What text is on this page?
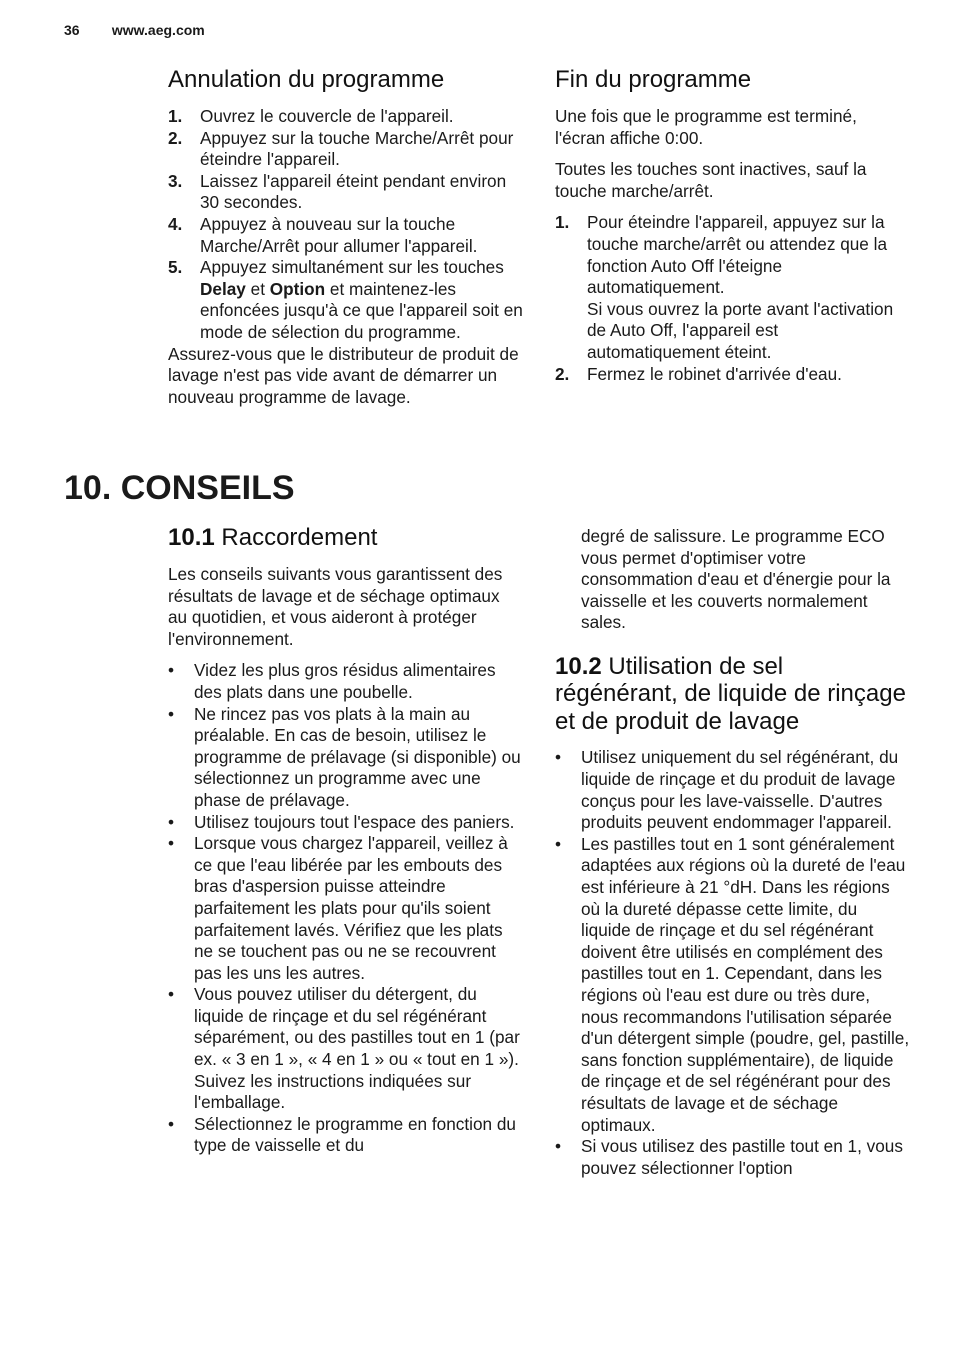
36 www.aeg.com
Annulation du programme
1. Ouvrez le couvercle de l'appareil.
2. Appuyez sur la touche Marche/Arrêt pour éteindre l'appareil.
3. Laissez l'appareil éteint pendant environ 30 secondes.
4. Appuyez à nouveau sur la touche Marche/Arrêt pour allumer l'appareil.
5. Appuyez simultanément sur les touches Delay et Option et maintenez-les enfoncées jusqu'à ce que l'appareil soit en mode de sélection du programme.

Assurez-vous que le distributeur de produit de lavage n'est pas vide avant de démarrer un nouveau programme de lavage.

Fin du programme

Une fois que le programme est terminé, l'écran affiche 0:00.

Toutes les touches sont inactives, sauf la touche marche/arrêt.

1. Pour éteindre l'appareil, appuyez sur la touche marche/arrêt ou attendez que la fonction Auto Off l'éteigne automatiquement.
Si vous ouvrez la porte avant l'activation de Auto Off, l'appareil est automatiquement éteint.
2. Fermez le robinet d'arrivée d'eau.
10. CONSEILS
10.1 Raccordement

Les conseils suivants vous garantissent des résultats de lavage et de séchage optimaux au quotidien, et vous aideront à protéger l'environnement.

• Videz les plus gros résidus alimentaires des plats dans une poubelle.
• Ne rincez pas vos plats à la main au préalable. En cas de besoin, utilisez le programme de prélavage (si disponible) ou sélectionnez un programme avec une phase de prélavage.
• Utilisez toujours tout l'espace des paniers.
• Lorsque vous chargez l'appareil, veillez à ce que l'eau libérée par les embouts des bras d'aspersion puisse atteindre parfaitement les plats pour qu'ils soient parfaitement lavés. Vérifiez que les plats ne se touchent pas ou ne se recouvrent pas les uns les autres.
• Vous pouvez utiliser du détergent, du liquide de rinçage et du sel régénérant séparément, ou des pastilles tout en 1 (par ex. « 3 en 1 », « 4 en 1 » ou « tout en 1 »). Suivez les instructions indiquées sur l'emballage.
• Sélectionnez le programme en fonction du type de vaisselle et du

degré de salissure. Le programme ECO vous permet d'optimiser votre consommation d'eau et d'énergie pour la vaisselle et les couverts normalement sales.

10.2 Utilisation de sel régénérant, de liquide de rinçage et de produit de lavage
• Utilisez uniquement du sel régénérant, du liquide de rinçage et du produit de lavage conçus pour les lave-vaisselle. D'autres produits peuvent endommager l'appareil.
• Les pastilles tout en 1 sont généralement adaptées aux régions où la dureté de l'eau est inférieure à 21 °dH. Dans les régions où la dureté dépasse cette limite, du liquide de rinçage et du sel régénérant doivent être utilisés en complément des pastilles tout en 1. Cependant, dans les régions où l'eau est dure ou très dure, nous recommandons l'utilisation séparée d'un détergent simple (poudre, gel, pastille, sans fonction supplémentaire), de liquide de rinçage et de sel régénérant pour des résultats de lavage et de séchage optimaux.
• Si vous utilisez des pastille tout en 1, vous pouvez sélectionner l'option
